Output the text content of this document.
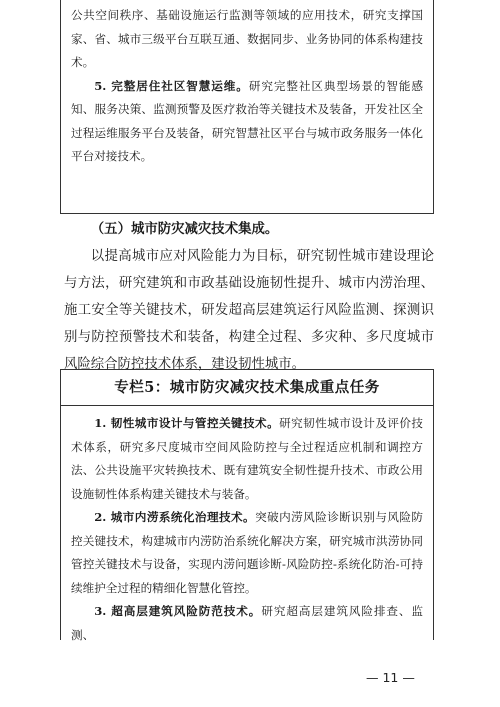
公共空间秩序、基础设施运行监测等领域的应用技术，研究支撑国家、省、城市三级平台互联互通、数据同步、业务协同的体系构建技术。

5. 完整居住社区智慧运维。研究完整社区典型场景的智能感知、服务决策、监测预警及医疗救治等关键技术及装备，开发社区全过程运维服务平台及装备，研究智慧社区平台与城市政务服务一体化平台对接技术。

（五）城市防灾减灾技术集成。

以提高城市应对风险能力为目标，研究韧性城市建设理论与方法，研究建筑和市政基础设施韧性提升、城市内涝治理、施工安全等关键技术，研发超高层建筑运行风险监测、探测识别与防控预警技术和装备，构建全过程、多灾种、多尺度城市风险综合防控技术体系，建设韧性城市。

专栏5：城市防灾减灾技术集成重点任务

1. 韧性城市设计与管控关键技术。研究韧性城市设计及评价技术体系，研究多尺度城市空间风险防控与全过程适应机制和调控方法、公共设施平灾转换技术、既有建筑安全韧性提升技术、市政公用设施韧性体系构建关键技术与装备。

2. 城市内涝系统化治理技术。突破内涝风险诊断识别与风险防控关键技术，构建城市内涝防治系统化解决方案，研究城市洪涝协同管控关键技术与设备，实现内涝问题诊断-风险防控-系统化防治-可持续维护全过程的精细化智慧化管控。

3. 超高层建筑风险防范技术。研究超高层建筑风险排查、监测、

— 11 —
